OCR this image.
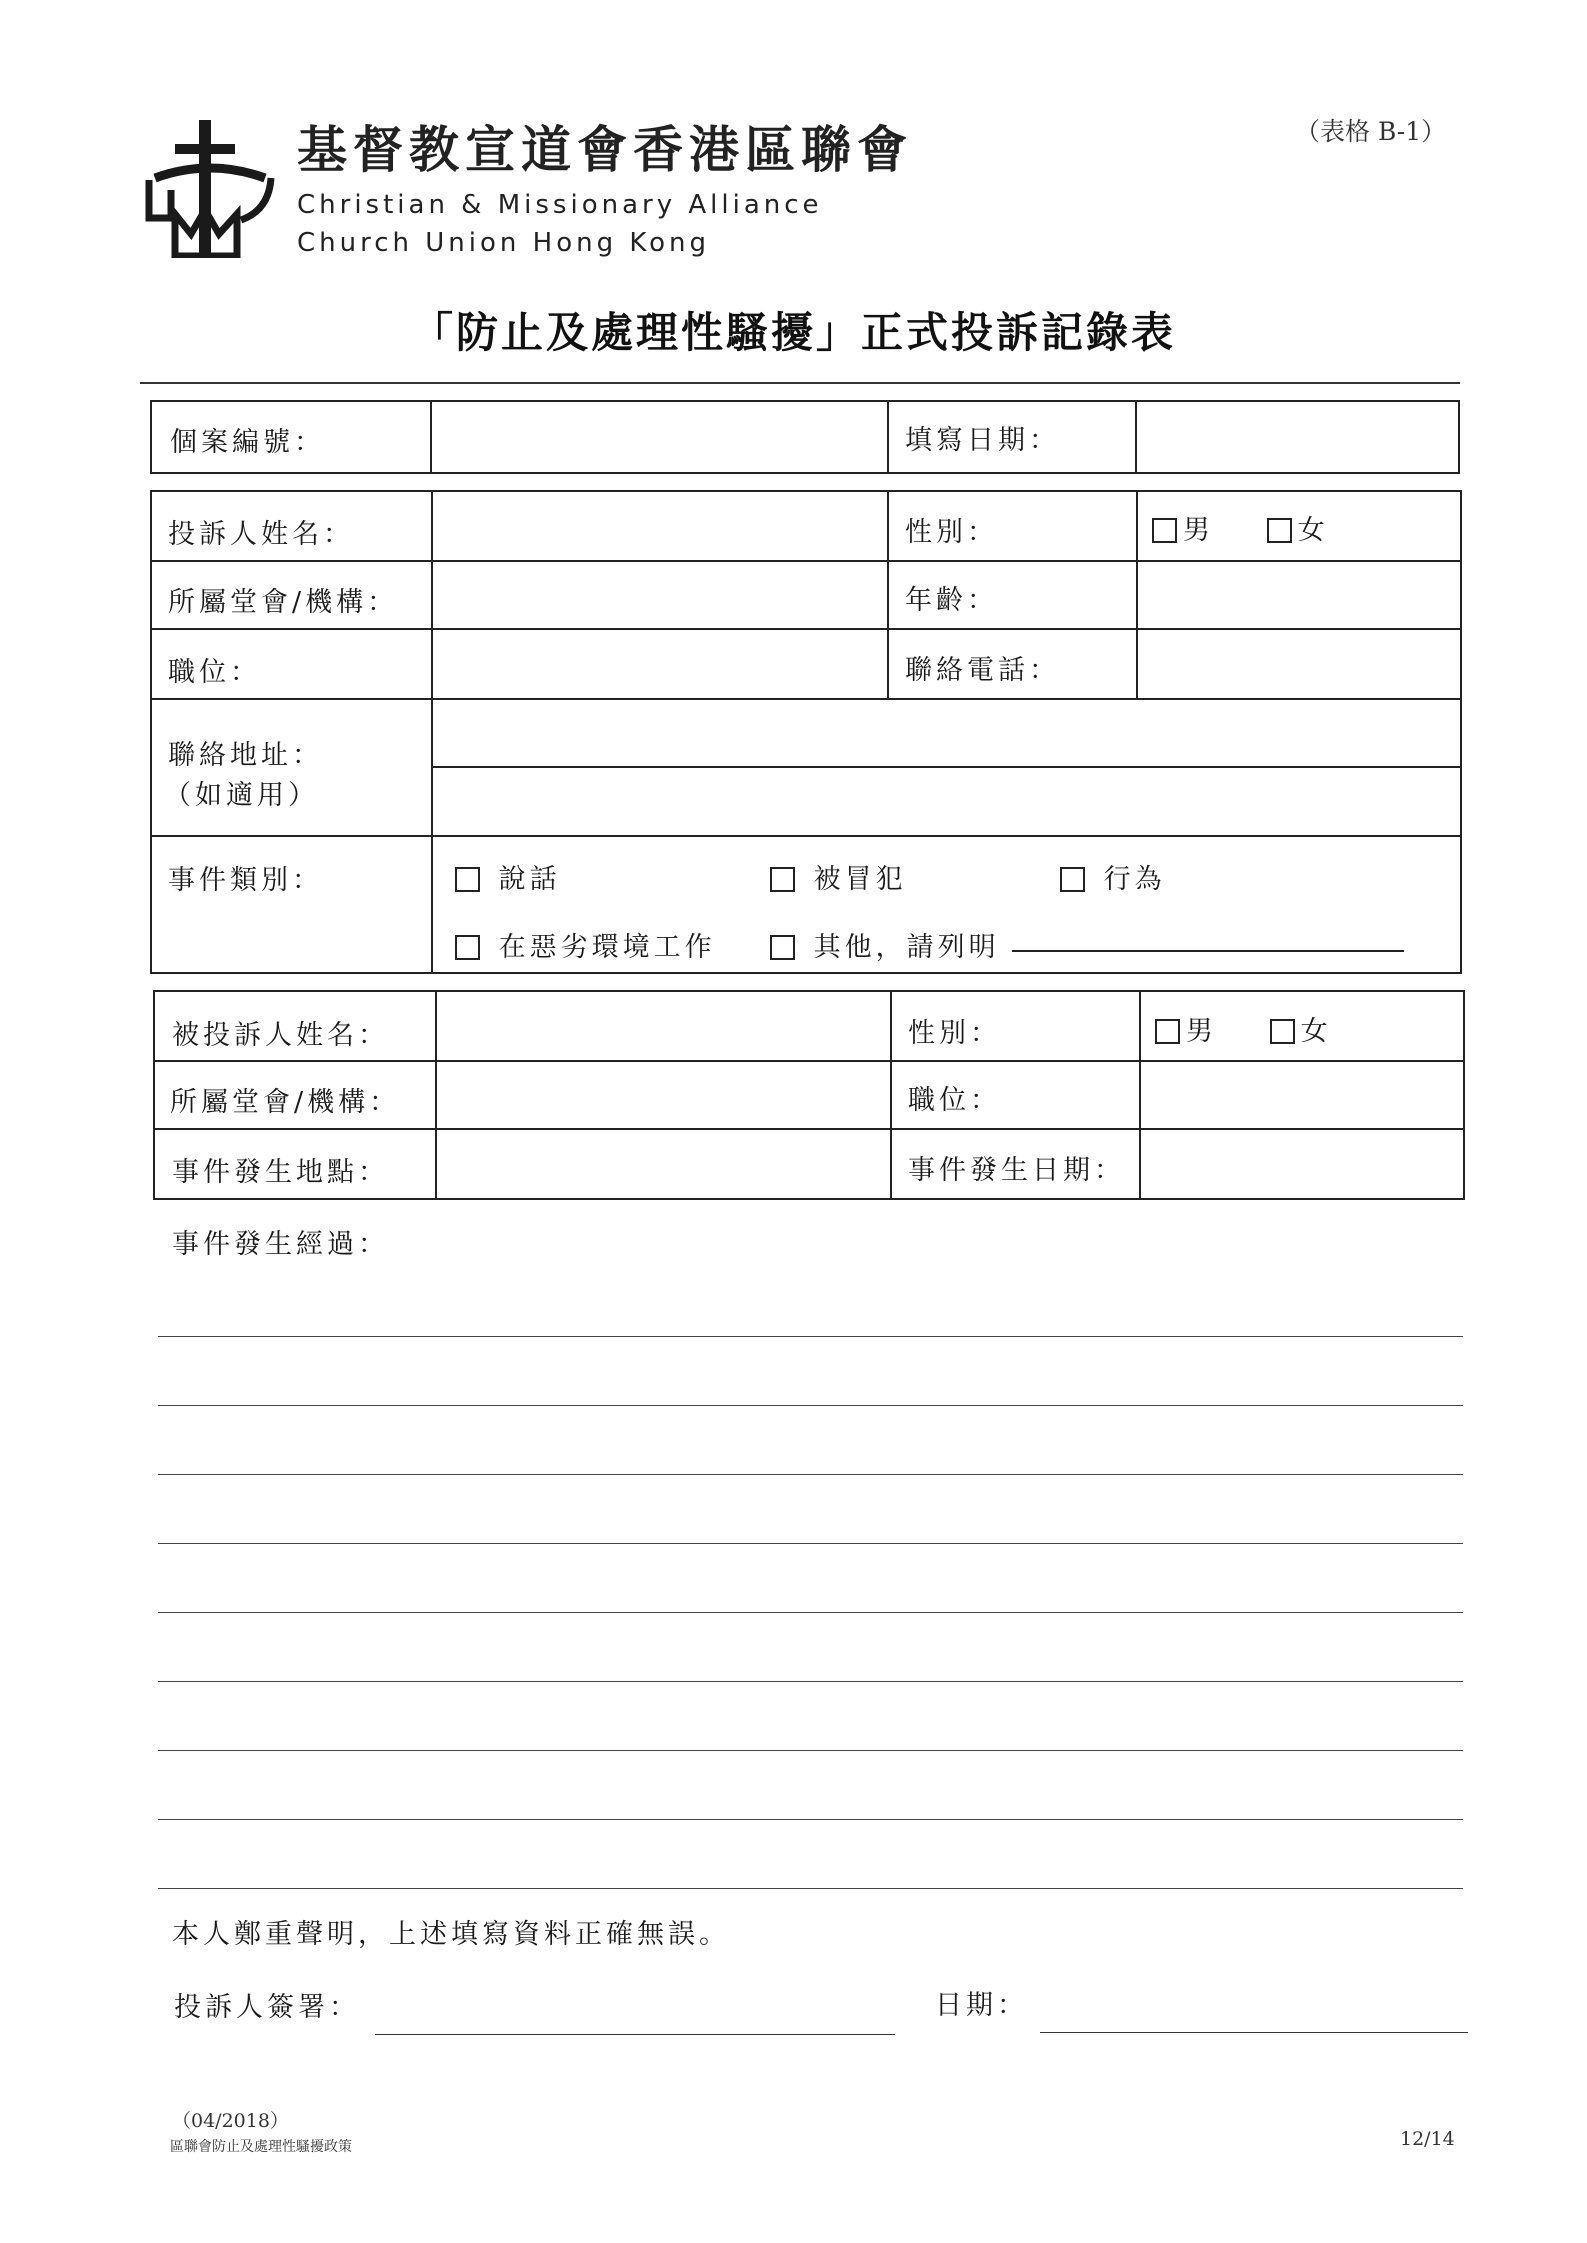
基督教宣道會香港區聯會
Christian & Missionary Alliance
Church Union Hong Kong
（表格 B-1）
「防止及處理性騷擾」正式投訴記錄表
個案編號：	填寫日期：
投訴人姓名：	性別：	男	女
所屬堂會/機構：	年齡：
職位：	聯絡電話：
聯絡地址：
（如適用）
事件類別：	說話	被冒犯	行為
在惡劣環境工作	其他，請列明
被投訴人姓名：	性別：	男	女
所屬堂會/機構：	職位：
事件發生地點：	事件發生日期：
事件發生經過：
本人鄭重聲明，上述填寫資料正確無誤。
投訴人簽署：	日期：
（04/2018）
區聯會防止及處理性騷擾政策	12/14
